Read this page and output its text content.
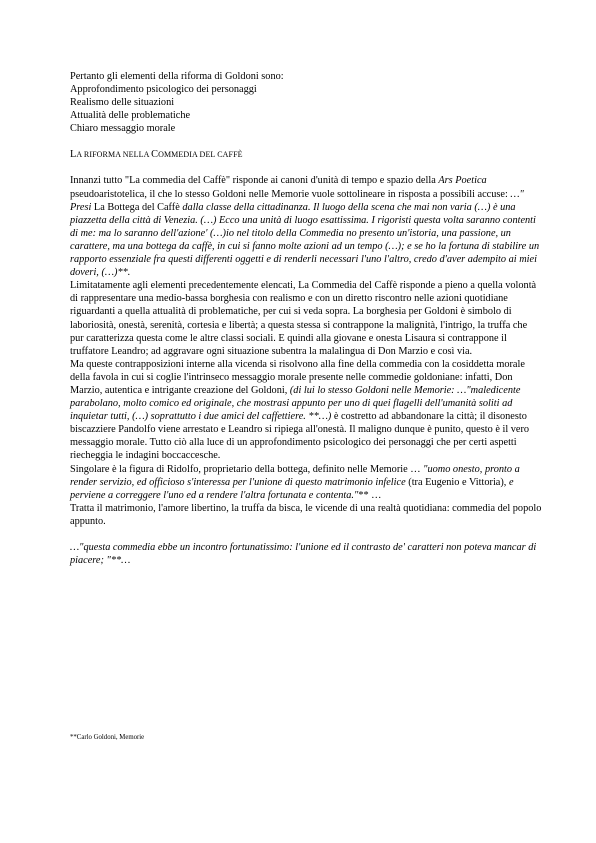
Pertanto gli elementi della riforma di Goldoni sono:

Approfondimento psicologico dei personaggi

Realismo delle situazioni

Attualità delle problematiche

Chiaro messaggio morale

LA RIFORMA NELLA COMMEDIA DEL CAFFÈ

Innanzi tutto "La commedia del Caffè" risponde ai canoni d'unità di tempo e spazio della Ars Poetica pseudoaristotelica, il che lo stesso Goldoni nelle Memorie vuole sottolineare in risposta a possibili accuse: …" Presi La Bottega del Caffè dalla classe della cittadinanza. Il luogo della scena che mai non varia (…) è una piazzetta della città di Venezia. (…) Ecco una unità di luogo esattissima. I rigoristi questa volta saranno contenti di me: ma lo saranno dell'azione' (…)io nel titolo della Commedia no presento un'istoria, una passione, un carattere, ma una bottega da caffè, in cui si fanno molte azioni ad un tempo (…); e se ho la fortuna di stabilire un rapporto essenziale fra questi differenti oggetti e di renderli necessari l'uno l'altro, credo d'aver adempito ai miei doveri, (…)**.

Limitatamente agli elementi precedentemente elencati, La Commedia del Caffè risponde a pieno a quella volontà di rappresentare una medio-bassa borghesia con realismo e con un diretto riscontro nelle azioni quotidiane riguardanti a quella attualità di problematiche, per cui si veda sopra. La borghesia per Goldoni è simbolo di laboriosità, onestà, serenità, cortesia e libertà; a questa stessa si contrappone la malignità, l'intrigo, la truffa che pur caratterizza questa come le altre classi sociali. E quindi alla giovane e onesta Lisaura si contrappone il truffatore Leandro; ad aggravare ogni situazione subentra la malalingua di Don Marzio e così via.

Ma queste contrapposizioni interne alla vicenda si risolvono alla fine della commedia con la cosiddetta morale della favola in cui si coglie l'intrinseco messaggio morale presente nelle commedie goldoniane: infatti, Don Marzio, autentica e intrigante creazione del Goldoni, (di lui lo stesso Goldoni nelle Memorie: …"maledicente parabolano, molto comico ed originale, che mostrasi appunto per uno di quei flagelli dell'umanità soliti ad inquietar tutti, (…) soprattutto i due amici del caffettiere. **…) è costretto ad abbandonare la città; il disonesto biscazziere Pandolfo viene arrestato e Leandro si ripiega all'onestà. Il maligno dunque è punito, questo è il vero messaggio morale. Tutto ciò alla luce di un approfondimento psicologico dei personaggi che per certi aspetti riecheggia le indagini boccaccesche.

Singolare è la figura di Ridolfo, proprietario della bottega, definito nelle Memorie … "uomo onesto, pronto a render servizio, ed officioso s'interessa per l'unione di questo matrimonio infelice (tra Eugenio e Vittoria), e perviene a correggere l'uno ed a rendere l'altra fortunata e contenta."** …

Tratta il matrimonio, l'amore libertino, la truffa da bisca, le vicende di una realtà quotidiana: commedia del popolo appunto.

…"questa commedia ebbe un incontro fortunatissimo: l'unione ed il contrasto de' caratteri non poteva mancar di piacere; "**…

**Carlo Goldoni, Memorie
